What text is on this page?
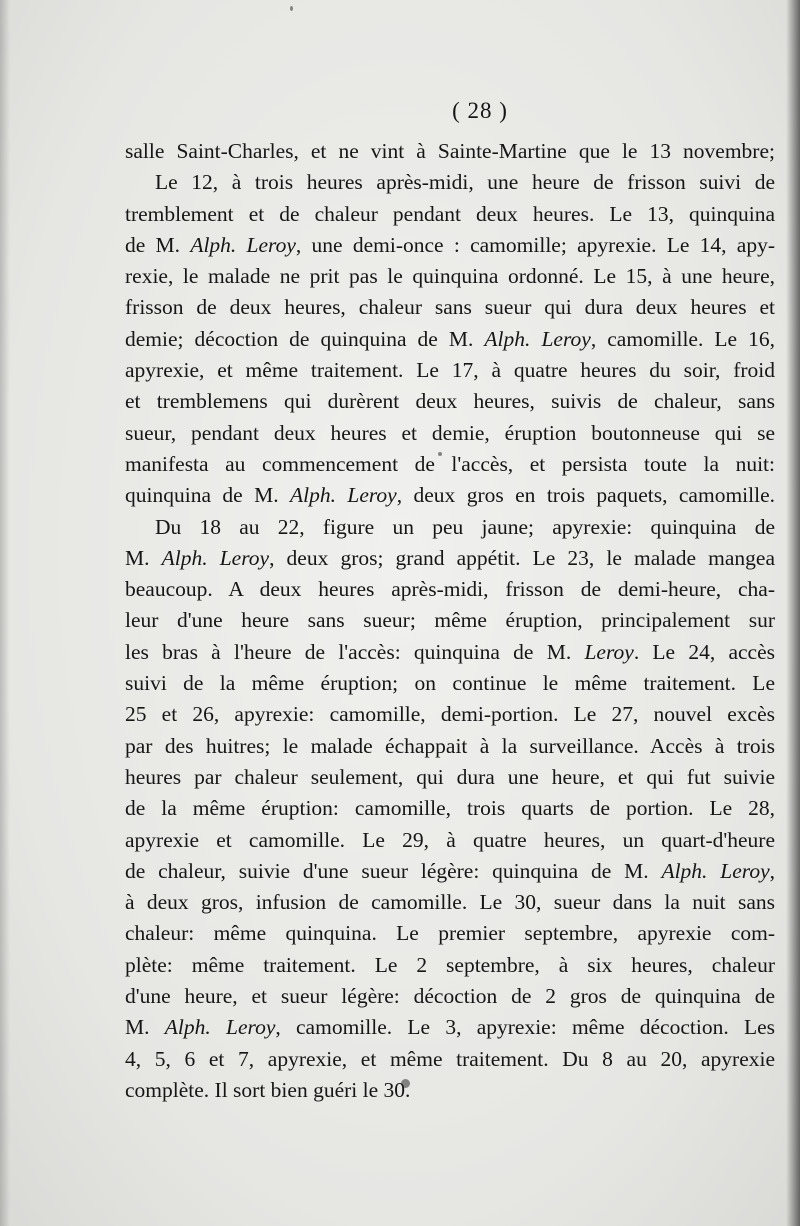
( 28 )
salle Saint-Charles, et ne vint à Sainte-Martine que le 13 novembre;
Le 12, à trois heures après-midi, une heure de frisson suivi de
tremblement et de chaleur pendant deux heures. Le 13, quinquina
de M. Alph. Leroy, une demi-once : camomille; apyrexie. Le 14, apy-
rexie, le malade ne prit pas le quinquina ordonné. Le 15, à une heure,
frisson de deux heures, chaleur sans sueur qui dura deux heures et
demie; décoction de quinquina de M. Alph. Leroy, camomille. Le 16,
apyrexie, et même traitement. Le 17, à quatre heures du soir, froid
et tremblemens qui durèrent deux heures, suivis de chaleur, sans
sueur, pendant deux heures et demie, éruption boutonneuse qui se
manifesta au commencement de l'accès, et persista toute la nuit:
quinquina de M. Alph. Leroy, deux gros en trois paquets, camomille.
Du 18 au 22, figure un peu jaune; apyrexie: quinquina de
M. Alph. Leroy, deux gros; grand appétit. Le 23, le malade mangea
beaucoup. A deux heures après-midi, frisson de demi-heure, cha-
leur d'une heure sans sueur; même éruption, principalement sur
les bras à l'heure de l'accès: quinquina de M. Leroy. Le 24, accès
suivi de la même éruption; on continue le même traitement. Le
25 et 26, apyrexie: camomille, demi-portion. Le 27, nouvel excès
par des huitres; le malade échappait à la surveillance. Accès à trois
heures par chaleur seulement, qui dura une heure, et qui fut suivie
de la même éruption: camomille, trois quarts de portion. Le 28,
apyrexie et camomille. Le 29, à quatre heures, un quart-d'heure
de chaleur, suivie d'une sueur légère: quinquina de M. Alph. Leroy,
à deux gros, infusion de camomille. Le 30, sueur dans la nuit sans
chaleur: même quinquina. Le premier septembre, apyrexie com-
plète: même traitement. Le 2 septembre, à six heures, chaleur
d'une heure, et sueur légère: décoction de 2 gros de quinquina de
M. Alph. Leroy, camomille. Le 3, apyrexie: même décoction. Les
4, 5, 6 et 7, apyrexie, et même traitement. Du 8 au 20, apyrexie
complète. Il sort bien guéri le 30.
